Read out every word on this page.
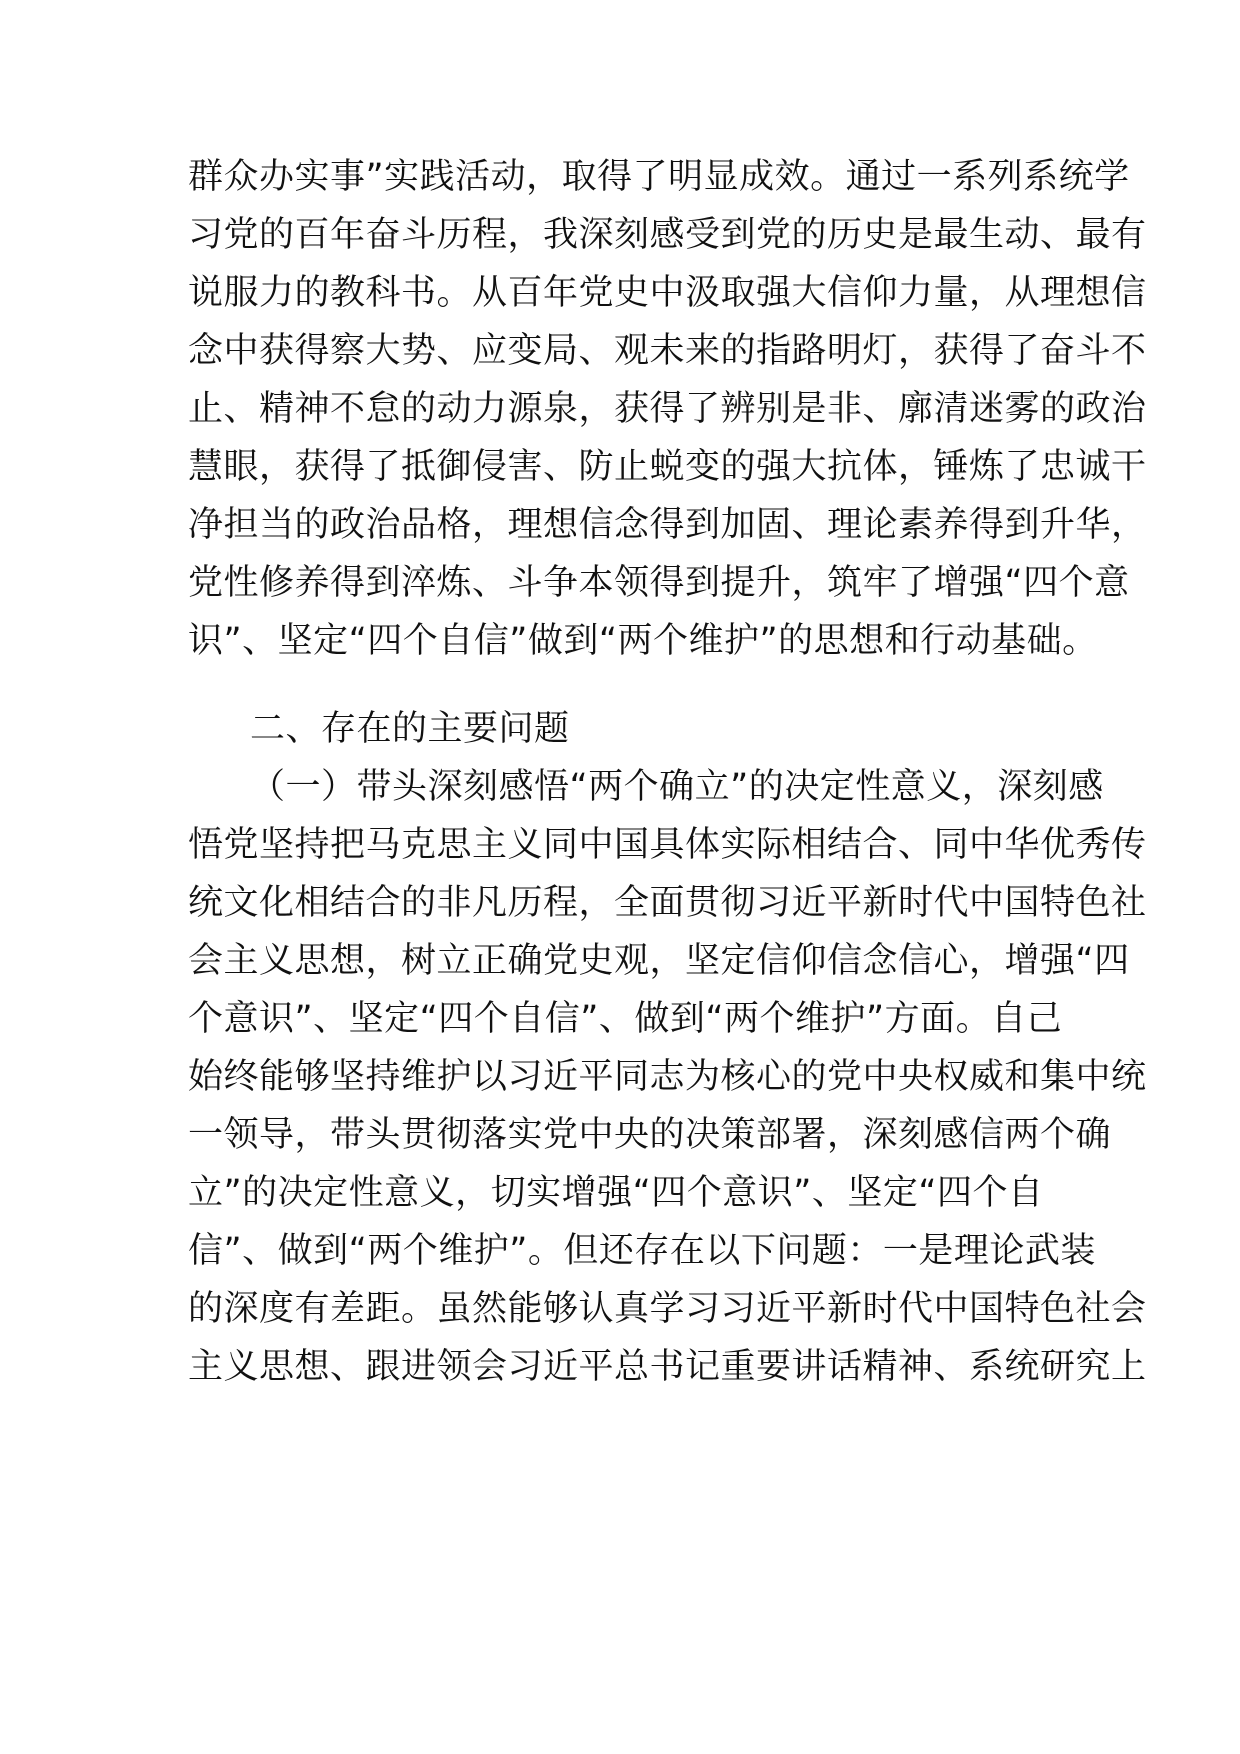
群众办实事”实践活动，取得了明显成效。通过一系列系统学
习党的百年奋斗历程，我深刻感受到党的历史是最生动、最有
说服力的教科书。从百年党史中汲取强大信仰力量，从理想信
念中获得察大势、应变局、观未来的指路明灯，获得了奋斗不
止、精神不怠的动力源泉，获得了辨别是非、廓清迷雾的政治
慧眼，获得了抵御侵害、防止蜕变的强大抗体，锤炼了忠诚干
净担当的政治品格，理想信念得到加固、理论素养得到升华，
党性修养得到淬炼、斗争本领得到提升，筑牢了增强“四个意
识”、坚定“四个自信”做到“两个维护”的思想和行动基础。
二、存在的主要问题
（一）带头深刻感悟“两个确立”的决定性意义，深刻感
悟党坚持把马克思主义同中国具体实际相结合、同中华优秀传
统文化相结合的非凡历程，全面贯彻习近平新时代中国特色社
会主义思想，树立正确党史观，坚定信仰信念信心，增强“四
个意识”、坚定“四个自信”、做到“两个维护”方面。自己
始终能够坚持维护以习近平同志为核心的党中央权威和集中统
一领导，带头贯彻落实党中央的决策部署，深刻感信两个确
立”的决定性意义，切实增强“四个意识”、坚定“四个自
信”、做到“两个维护”。但还存在以下问题：一是理论武装
的深度有差距。虽然能够认真学习习近平新时代中国特色社会
主义思想、跟进领会习近平总书记重要讲话精神、系统研究上
